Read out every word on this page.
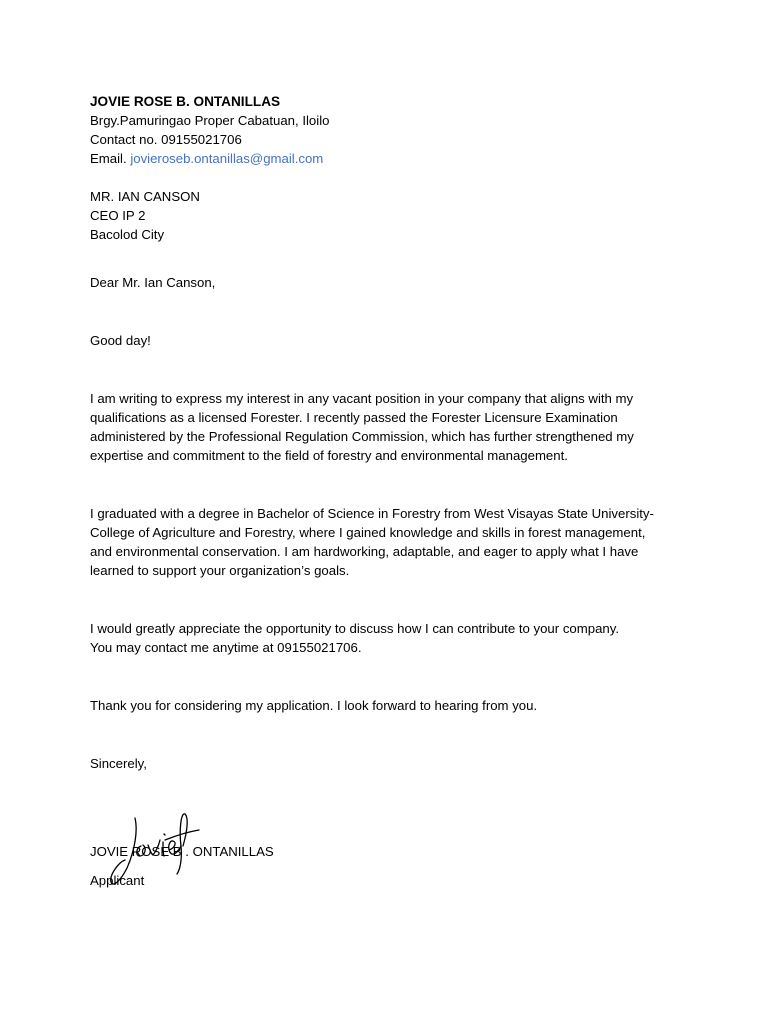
JOVIE ROSE B. ONTANILLAS
Brgy.Pamuringao Proper Cabatuan, Iloilo
Contact no. 09155021706
Email. jovieroseb.ontanillas@gmail.com
MR. IAN CANSON
CEO IP 2
Bacolod City
Dear Mr. Ian Canson,
Good day!
I am writing to express my interest in any vacant position in your company that aligns with my
qualifications as a licensed Forester. I recently passed the Forester Licensure Examination
administered by the Professional Regulation Commission, which has further strengthened my
expertise and commitment to the field of forestry and environmental management.
I graduated with a degree in Bachelor of Science in Forestry from West Visayas State University-
College of Agriculture and Forestry, where I gained knowledge and skills in forest management,
and environmental conservation. I am hardworking, adaptable, and eager to apply what I have
learned to support your organization’s goals.
I would greatly appreciate the opportunity to discuss how I can contribute to your company.
You may contact me anytime at 09155021706.
Thank you for considering my application. I look forward to hearing from you.
Sincerely,
JOVIE ROSE B . ONTANILLAS
Applicant
